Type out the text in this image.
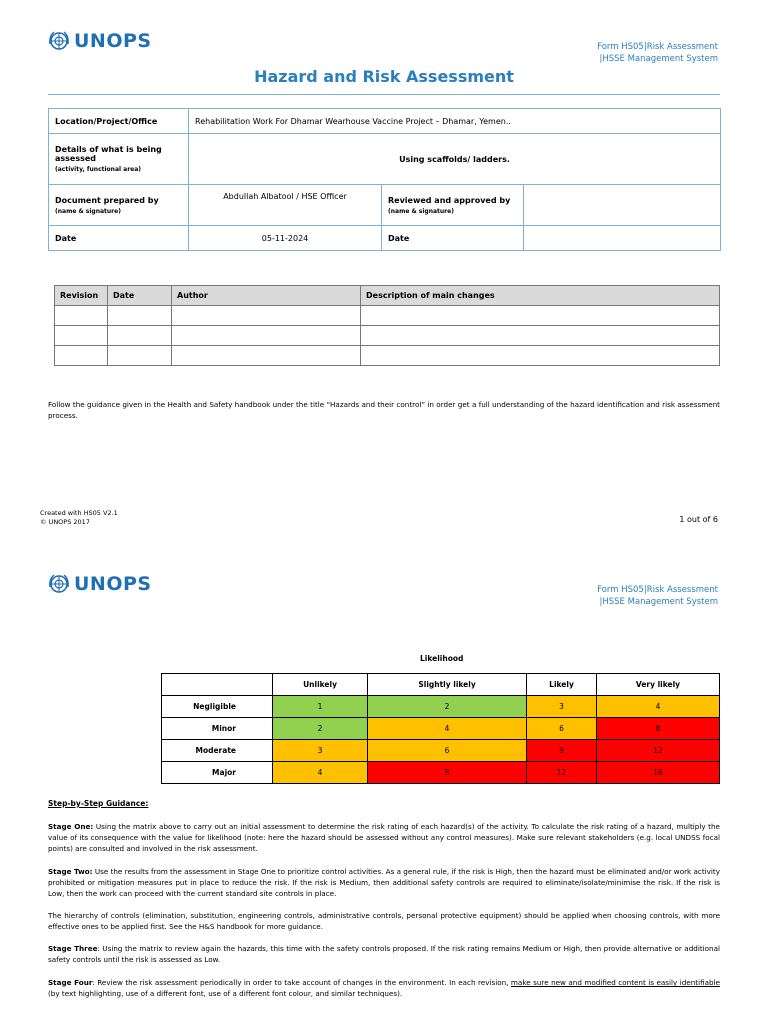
UNOPS	Form HS05|Risk Assessment
|HSSE Management System
Hazard and Risk Assessment
Location/Project/Office	Rehabilitation Work For Dhamar Wearhouse Vaccine Project – Dhamar, Yemen..		
Details of what is being assessed
(activity, functional area)	Using scaffolds/ ladders.		
Document prepared by
(name & signature)	Abdullah Albatool / HSE Officer	Reviewed and approved by
(name & signature)	

Date	05-11-2024	Date	
Revision	Date	Author	Description of main changes

Follow the guidance given in the Health and Safety handbook under the title “Hazards and their control” in order get a full understanding of the hazard identification and risk assessment process.
Created with HS05 V2.1
© UNOPS 2017	1 out of 6
UNOPS	Form HS05|Risk Assessment
|HSSE Management System
Likelihood
	Unlikely	Slightly likely	Likely	Very likely
Negligible	1	2	3	4
Minor	2	4	6	8
Moderate	3	6	9	12
Major	4	8	12	16
Step-by-Step Guidance:
Stage One: Using the matrix above to carry out an initial assessment to determine the risk rating of each hazard(s) of the activity. To calculate the risk rating of a hazard, multiply the value of its consequence with the value for likelihood (note: here the hazard should be assessed without any control measures). Make sure relevant stakeholders (e.g. local UNDSS focal points) are consulted and involved in the risk assessment.
Stage Two: Use the results from the assessment in Stage One to prioritize control activities. As a general rule, if the risk is High, then the hazard must be eliminated and/or work activity prohibited or mitigation measures put in place to reduce the risk. If the risk is Medium, then additional safety controls are required to eliminate/isolate/minimise the risk. If the risk is Low, then the work can proceed with the current standard site controls in place.
The hierarchy of controls (elimination, substitution, engineering controls, administrative controls, personal protective equipment) should be applied when choosing controls, with more effective ones to be applied first. See the H&S handbook for more guidance.
Stage Three: Using the matrix to review again the hazards, this time with the safety controls proposed. If the risk rating remains Medium or High, then provide alternative or additional safety controls until the risk is assessed as Low.
Stage Four: Review the risk assessment periodically in order to take account of changes in the environment. In each revision, make sure new and modified content is easily identifiable (by text highlighting, use of a different font, use of a different font colour, and similar techniques).
